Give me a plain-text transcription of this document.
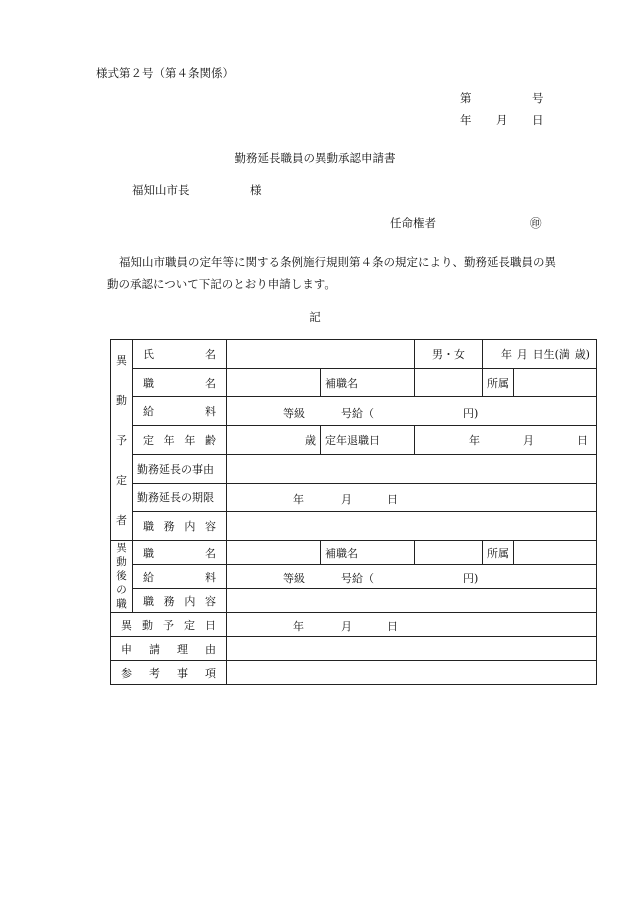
様式第２号（第４条関係）
第	号
年 月 日
勤務延長職員の異動承認申請書
福知山市長	様
任命権者	㊞
福知山市職員の定年等に関する条例施行規則第４条の規定により、勤務延長職員の異動の承認について下記のとおり申請します。
記
異
動
予
定
者	氏 名			男・女	年 月 日生(満 歳)	

	職 名		補職名		所属	

	給 料	等級 号給（ 円)				

	定 年 年 齢	歳	定年退職日	年 月 日		

	勤務延長の事由					
	勤務延長の期限	年 月 日				

	職 務 内 容					

異
動
後
の
職	職 名		補職名		所属	

	給 料	等級 号給（ 円)				

	職 務 内 容					

異 動 予 定 日		年 月 日				

申 請 理 由						

参 考 事 項						
